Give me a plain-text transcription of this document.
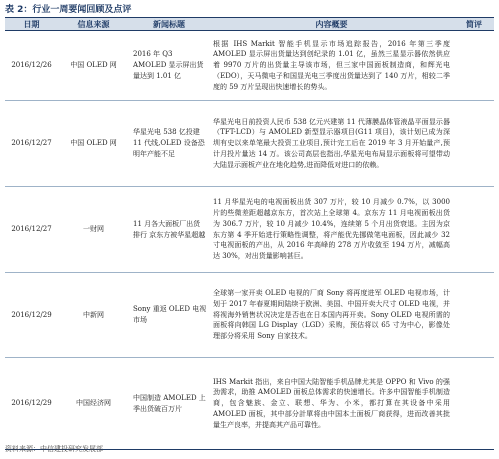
表 2：行业一周要闻回顾及点评
日期	信息来源	新闻标题	内容概要	简评
2016/12/26	中国 OLED 网	2016 年 Q3 AMOLED 显示屏出货量达到 1.01 亿	根据 IHS Markit 智能手机显示市场追踪报告，2016 年第三季度 AMOLED 显示屏出货量达到创纪录的 1.01 亿，虽然三星显示器依然供应着 9970 万片的出货量主导该市场，但三家中国面板制造商，和辉光电（EDO），天马微电子和国显光电三季度出货量达到了 140 万片，相较二季度的 59 万片呈现出快速增长的势头。	
2016/12/27	中国 OLED 网	华星光电 538 亿投建 11 代线,OLED 设备恐明年产能不足	华星光电日前投资人民币 538 亿元兴建第 11 代薄膜晶体管液晶平面显示器（TFT-LCD）与 AMOLED 新型显示器项目(G11 项目)，该计划已成为深圳有史以来单笔最大投资工业项目,预计完工后在 2019 年 3 月开始量产,预计月投片量达 14 万。该公司高层也指出,华星光电布局显示面板将可望带动大陆显示面板产业在地化趋势,进而降低对进口的依赖。	
2016/12/27	一财网	11 月各大面板厂出货排行 京东方被华星超越	11 月华星光电的电视面板出货 307 万片，较 10 月减少 0.7%，以 3000 片的些微差距超越京东方，首次站上全球第 4。京东方 11 月电视面板出货为 306.7 万片，较 10 月减少 10.4%，连续第 5 个月出货衰退。主因为京东方第 4 季开始进行策略性调整，将产能优先挪做笔电面板，因此减少 32 寸电视面板的产出，从 2016 年高峰的 278 万片收敛至 194 万片，减幅高达 30%，对出货量影响甚巨。	
2016/12/29	中新网	Sony 重返 OLED 电视市场	全球第一家开卖 OLED 电视的厂商 Sony 将再度进军 OLED 电视市场，计划于 2017 年春夏期间陆续于欧洲、美国、中国开卖大尺寸 OLED 电视，并将视海外销售状况决定是否也在日本国内再开卖。Sony OLED 电视所需的面板将向韩国 LG Display（LGD）采购，预估将以 65 寸为中心，影像处理部分将采用 Sony 自家技术。	
2016/12/29	中国经济网	中国制造 AMOLED 上季出货破百万片	IHS Markit 指出，来自中国大陆智能手机品牌尤其是 OPPO 和 Vivo 的强劲需求，助推 AMOLED 面板总体需求的快速增长。许多中国智能手机制造商，包含魅族、金立、联想、华为、小米，都打算在其设备中采用 AMOLED 面板，其中部分計單将由中国本土面板厂商获得，进而改善其批量生产良率，并提高其产品可靠性。	
资料来源：中信建投研究发展部
